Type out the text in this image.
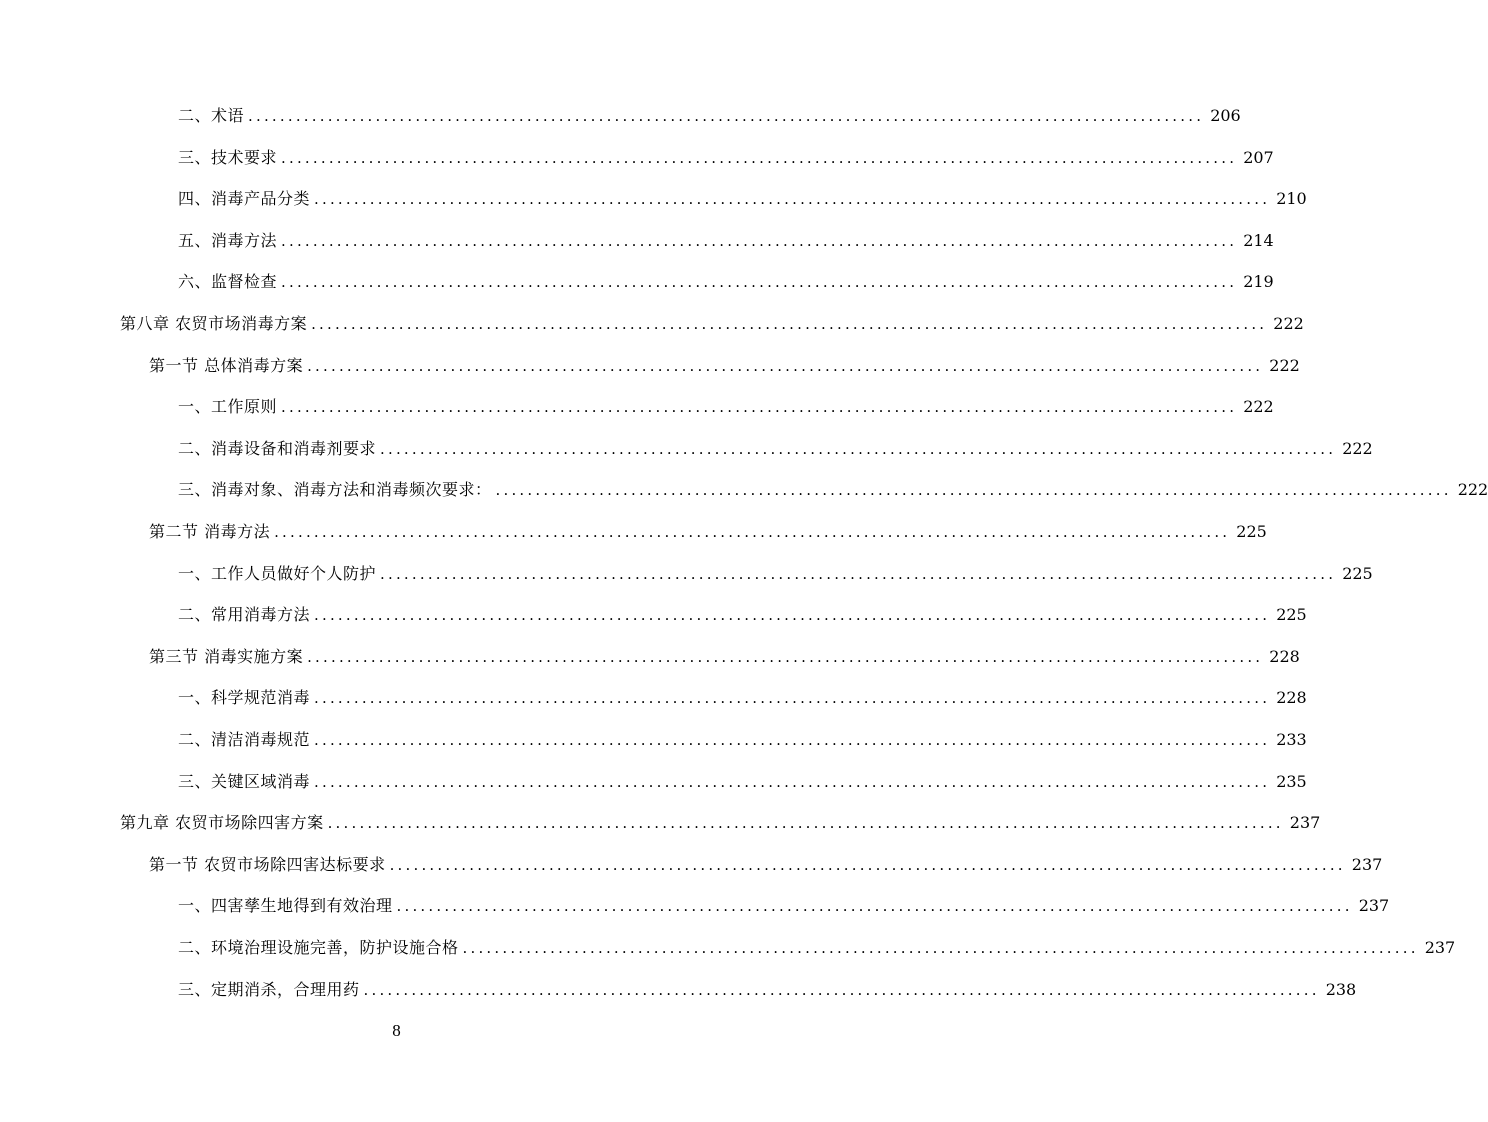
二、术语 ........................................................................................................................ 206
三、技术要求 ........................................................................................................................ 207
四、消毒产品分类 ........................................................................................................................ 210
五、消毒方法 ........................................................................................................................ 214
六、监督检查 ........................................................................................................................ 219
第八章 农贸市场消毒方案 ........................................................................................................................ 222
第一节 总体消毒方案 ........................................................................................................................ 222
一、工作原则 ........................................................................................................................ 222
二、消毒设备和消毒剂要求 ........................................................................................................................ 222
三、消毒对象、消毒方法和消毒频次要求： ........................................................................................................................ 222
第二节 消毒方法 ........................................................................................................................ 225
一、工作人员做好个人防护 ........................................................................................................................ 225
二、常用消毒方法 ........................................................................................................................ 225
第三节 消毒实施方案 ........................................................................................................................ 228
一、科学规范消毒 ........................................................................................................................ 228
二、清洁消毒规范 ........................................................................................................................ 233
三、关键区域消毒 ........................................................................................................................ 235
第九章 农贸市场除四害方案 ........................................................................................................................ 237
第一节 农贸市场除四害达标要求 ........................................................................................................................ 237
一、四害孳生地得到有效治理 ........................................................................................................................ 237
二、环境治理设施完善，防护设施合格 ........................................................................................................................ 237
三、定期消杀，合理用药 ........................................................................................................................ 238
8
